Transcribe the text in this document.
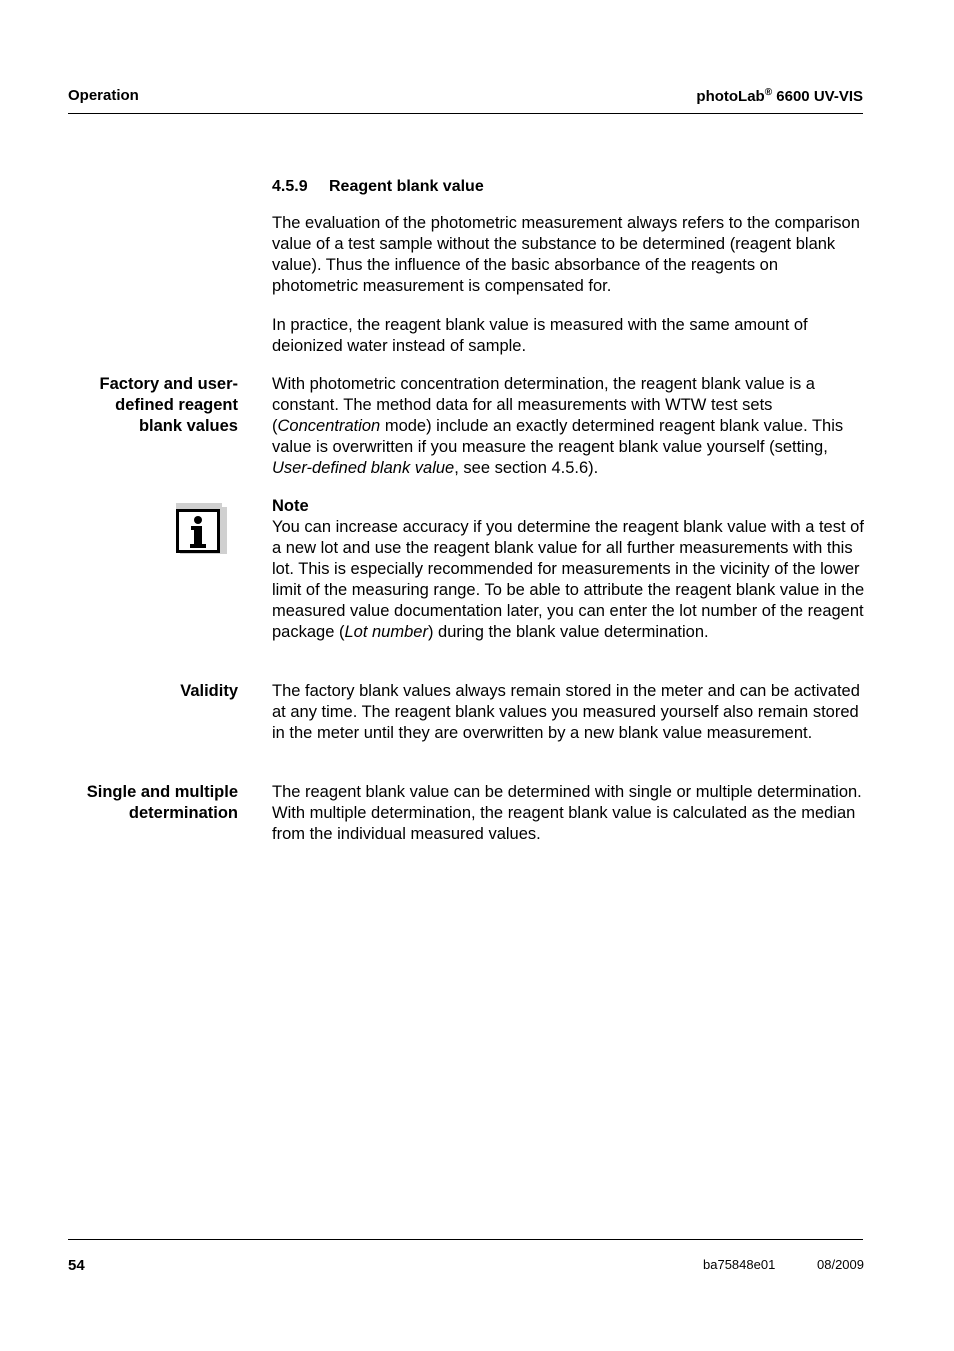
Operation	photoLab® 6600 UV-VIS
4.5.9 Reagent blank value

The evaluation of the photometric measurement always refers to the comparison value of a test sample without the substance to be determined (reagent blank value). Thus the influence of the basic absorbance of the reagents on photometric measurement is compensated for.

In practice, the reagent blank value is measured with the same amount of deionized water instead of sample.

Factory and user-
defined reagent
blank values

With photometric concentration determination, the reagent blank value is a constant. The method data for all measurements with WTW test sets (Concentration mode) include an exactly determined reagent blank value. This value is overwritten if you measure the reagent blank value yourself (setting, User-defined blank value, see section 4.5.6).

Note
You can increase accuracy if you determine the reagent blank value with a test of a new lot and use the reagent blank value for all further measurements with this lot. This is especially recommended for measurements in the vicinity of the lower limit of the measuring range. To be able to attribute the reagent blank value in the measured value documentation later, you can enter the lot number of the reagent package (Lot number) during the blank value determination.

Validity The factory blank values always remain stored in the meter and can be activated at any time. The reagent blank values you measured yourself also remain stored in the meter until they are overwritten by a new blank value measurement.

Single and multiple
determination

The reagent blank value can be determined with single or multiple determination. With multiple determination, the reagent blank value is calculated as the median from the individual measured values.

54	ba75848e01	08/2009
